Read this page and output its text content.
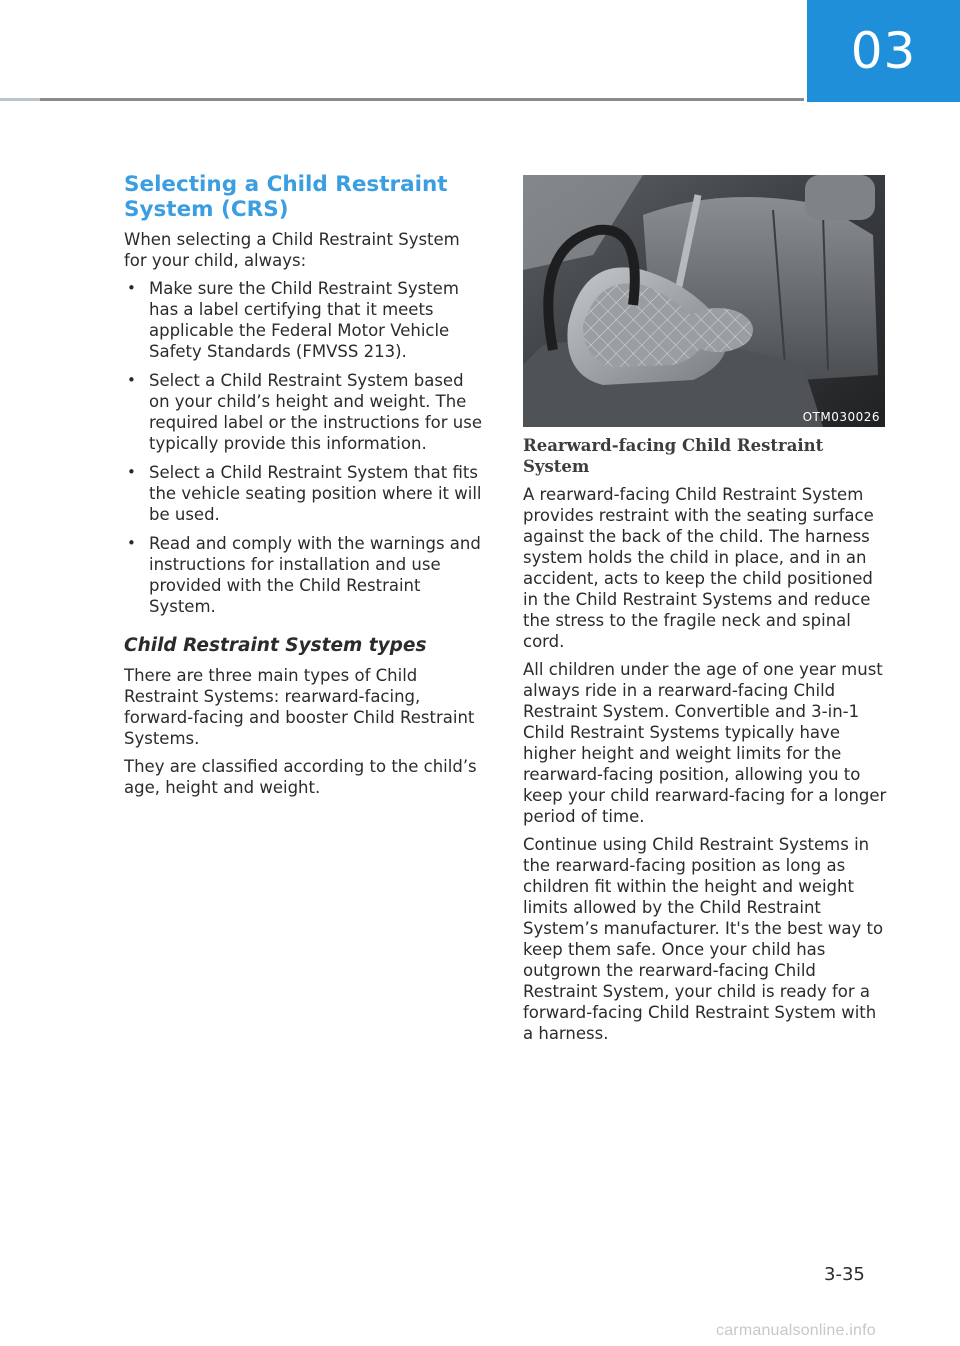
03
Selecting a Child Restraint
System (CRS)

When selecting a Child Restraint System for your child, always:

• Make sure the Child Restraint System has a label certifying that it meets applicable the Federal Motor Vehicle Safety Standards (FMVSS 213).
• Select a Child Restraint System based on your child’s height and weight. The required label or the instructions for use typically provide this information.
• Select a Child Restraint System that fits the vehicle seating position where it will be used.
• Read and comply with the warnings and instructions for installation and use provided with the Child Restraint System.
Child Restraint System types

There are three main types of Child Restraint Systems: rearward-facing, forward-facing and booster Child Restraint Systems.

They are classified according to the child’s age, height and weight.

OTM030026
Rearward-facing Child Restraint System

A rearward-facing Child Restraint System provides restraint with the seating surface against the back of the child. The harness system holds the child in place, and in an accident, acts to keep the child positioned in the Child Restraint Systems and reduce the stress to the fragile neck and spinal cord.

All children under the age of one year must always ride in a rearward-facing Child Restraint System. Convertible and 3-in-1 Child Restraint Systems typically have higher height and weight limits for the rearward-facing position, allowing you to keep your child rearward-facing for a longer period of time.

Continue using Child Restraint Systems in the rearward-facing position as long as children fit within the height and weight limits allowed by the Child Restraint System’s manufacturer. It's the best way to keep them safe. Once your child has outgrown the rearward-facing Child Restraint System, your child is ready for a forward-facing Child Restraint System with a harness.

3-35
carmanualsonline.info
